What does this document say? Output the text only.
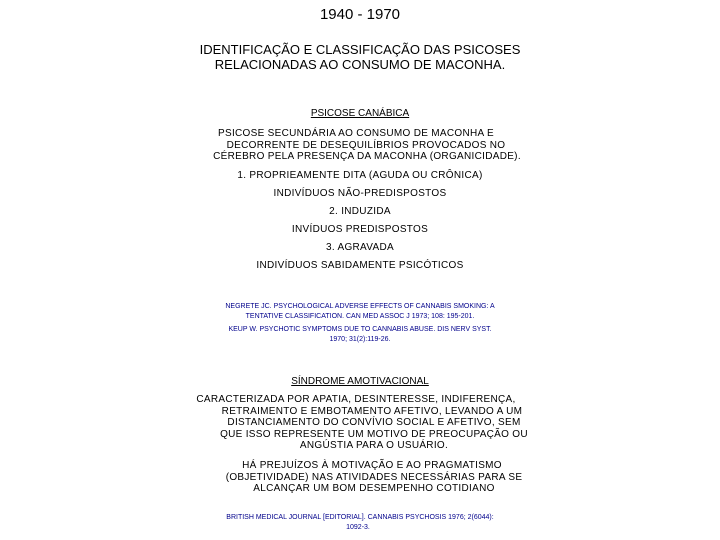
1940 - 1970
IDENTIFICAÇÃO E CLASSIFICAÇÃO DAS PSICOSES
RELACIONADAS AO CONSUMO DE MACONHA.
PSICOSE CANÁBICA
PSICOSE SECUNDÁRIA AO CONSUMO DE MACONHA E
DECORRENTE DE DESEQUILÍBRIOS PROVOCADOS NO
CÉREBRO PELA PRESENÇA DA MACONHA (ORGANICIDADE).
1. PROPRIEAMENTE DITA (AGUDA OU CRÔNICA)
INDIVÍDUOS NÃO-PREDISPOSTOS
2. INDUZIDA
INVÍDUOS PREDISPOSTOS
3. AGRAVADA
INDIVÍDUOS SABIDAMENTE PSICÓTICOS
NEGRETE JC. PSYCHOLOGICAL ADVERSE EFFECTS OF CANNABIS SMOKING: A
TENTATIVE CLASSIFICATION. CAN MED ASSOC J 1973; 108: 195-201.
KEUP W. PSYCHOTIC SYMPTOMS DUE TO CANNABIS ABUSE. DIS NERV SYST.
1970; 31(2):119-26.
SÍNDROME AMOTIVACIONAL
CARACTERIZADA POR APATIA, DESINTERESSE, INDIFERENÇA,
RETRAIMENTO E EMBOTAMENTO AFETIVO, LEVANDO A UM
DISTANCIAMENTO DO CONVÍVIO SOCIAL E AFETIVO, SEM
QUE ISSO REPRESENTE UM MOTIVO DE PREOCUPAÇÃO OU
ANGÚSTIA PARA O USUÁRIO.
HÁ PREJUÍZOS À MOTIVAÇÃO E AO PRAGMATISMO
(OBJETIVIDADE) NAS ATIVIDADES NECESSÁRIAS PARA SE
ALCANÇAR UM BOM DESEMPENHO COTIDIANO
BRITISH MEDICAL JOURNAL [EDITORIAL]. CANNABIS PSYCHOSIS 1976; 2(6044):
1092-3.
